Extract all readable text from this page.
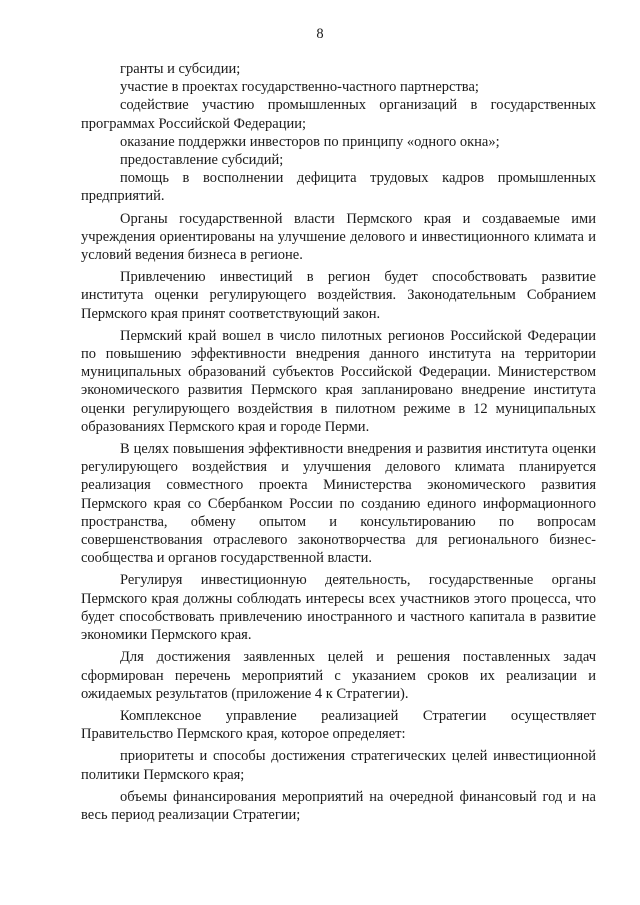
8

гранты и субсидии;

участие в проектах государственно-частного партнерства;

содействие участию промышленных организаций в государственных программах Российской Федерации;

оказание поддержки инвесторов по принципу «одного окна»;

предоставление субсидий;

помощь в восполнении дефицита трудовых кадров промышленных предприятий.

Органы государственной власти Пермского края и создаваемые ими учреждения ориентированы на улучшение делового и инвестиционного климата и условий ведения бизнеса в регионе.

Привлечению инвестиций в регион будет способствовать развитие института оценки регулирующего воздействия. Законодательным Собранием Пермского края принят соответствующий закон.

Пермский край вошел в число пилотных регионов Российской Федерации по повышению эффективности внедрения данного института на территории муниципальных образований субъектов Российской Федерации. Министерством экономического развития Пермского края запланировано внедрение института оценки регулирующего воздействия в пилотном режиме в 12 муниципальных образованиях Пермского края и городе Перми.

В целях повышения эффективности внедрения и развития института оценки регулирующего воздействия и улучшения делового климата планируется реализация совместного проекта Министерства экономического развития Пермского края со Сбербанком России по созданию единого информационного пространства, обмену опытом и консультированию по вопросам совершенствования отраслевого законотворчества для регионального бизнес-сообщества и органов государственной власти.

Регулируя инвестиционную деятельность, государственные органы Пермского края должны соблюдать интересы всех участников этого процесса, что будет способствовать привлечению иностранного и частного капитала в развитие экономики Пермского края.

Для достижения заявленных целей и решения поставленных задач сформирован перечень мероприятий с указанием сроков их реализации и ожидаемых результатов (приложение 4 к Стратегии).

Комплексное управление реализацией Стратегии осуществляет Правительство Пермского края, которое определяет:

приоритеты и способы достижения стратегических целей инвестиционной политики Пермского края;

объемы финансирования мероприятий на очередной финансовый год и на весь период реализации Стратегии;
